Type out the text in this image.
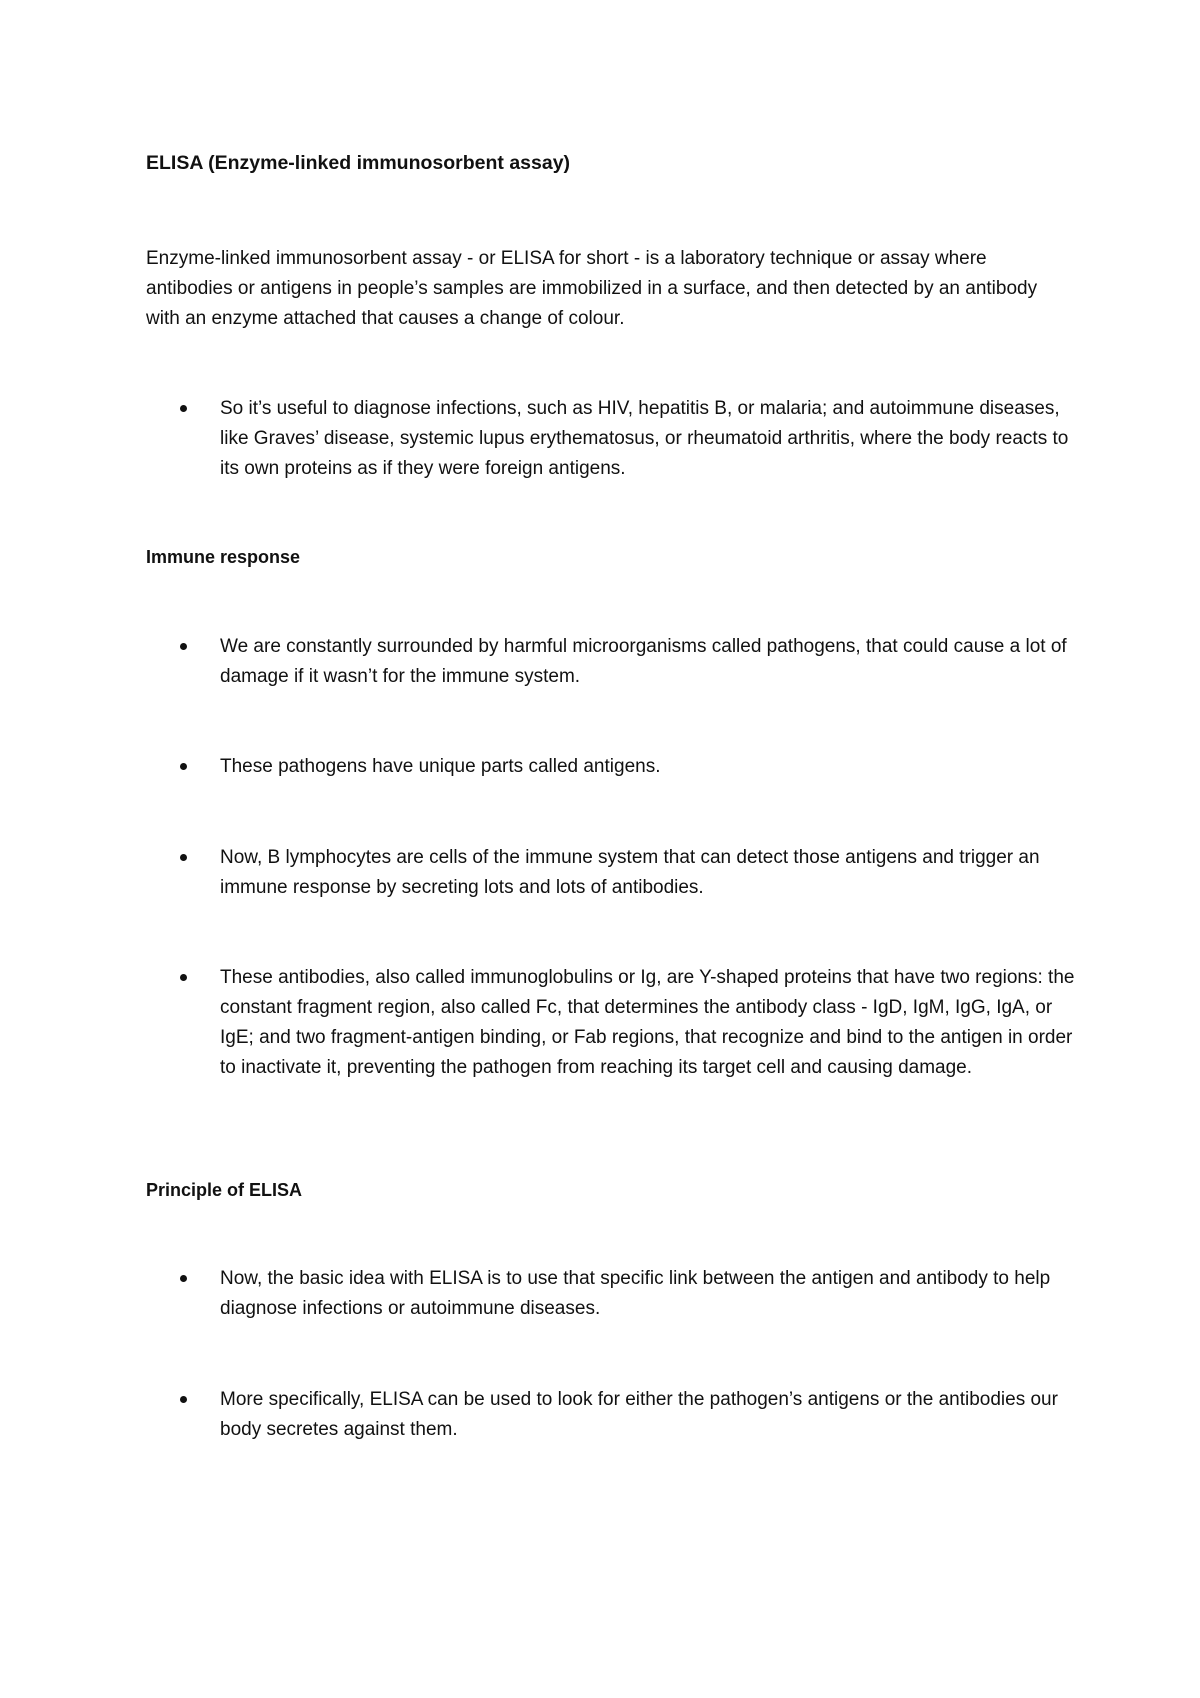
ELISA (Enzyme-linked immunosorbent assay)

Enzyme-linked immunosorbent assay - or ELISA for short - is a laboratory technique or assay where antibodies or antigens in people’s samples are immobilized in a surface, and then detected by an antibody with an enzyme attached that causes a change of colour.

So it’s useful to diagnose infections, such as HIV, hepatitis B, or malaria; and autoimmune diseases, like Graves’ disease, systemic lupus erythematosus, or rheumatoid arthritis, where the body reacts to its own proteins as if they were foreign antigens.
Immune response
We are constantly surrounded by harmful microorganisms called pathogens, that could cause a lot of damage if it wasn’t for the immune system.
These pathogens have unique parts called antigens.
Now, B lymphocytes are cells of the immune system that can detect those antigens and trigger an immune response by secreting lots and lots of antibodies.
These antibodies, also called immunoglobulins or Ig, are Y-shaped proteins that have two regions: the constant fragment region, also called Fc, that determines the antibody class - IgD, IgM, IgG, IgA, or IgE; and two fragment-antigen binding, or Fab regions, that recognize and bind to the antigen in order to inactivate it, preventing the pathogen from reaching its target cell and causing damage.
Principle of ELISA
Now, the basic idea with ELISA is to use that specific link between the antigen and antibody to help diagnose infections or autoimmune diseases.
More specifically, ELISA can be used to look for either the pathogen’s antigens or the antibodies our body secretes against them.
